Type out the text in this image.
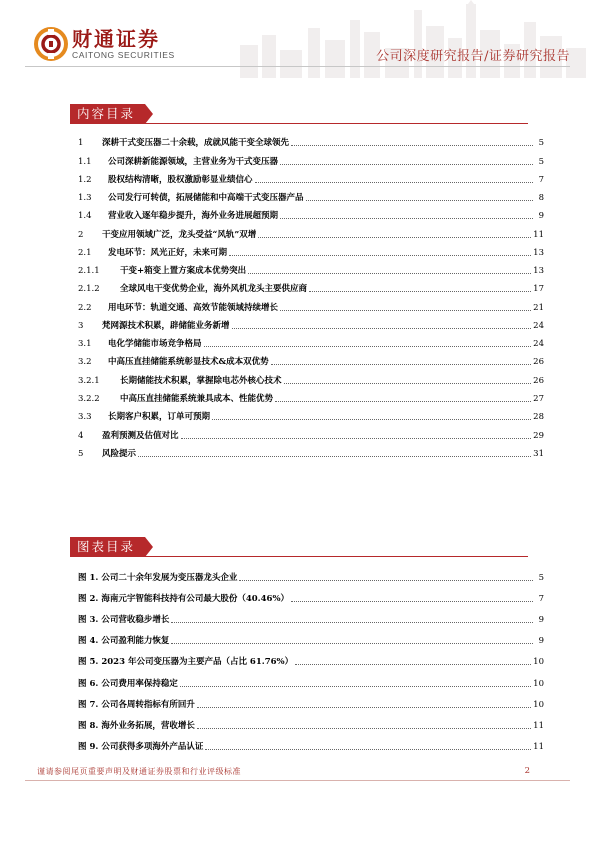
财通证券
CAITONG SECURITIES	公司深度研究报告/证券研究报告
内容目录
1	深耕干式变压器二十余载，成就风能干变全球领先	5
1.1	公司深耕新能源领域，主营业务为干式变压器	5
1.2	股权结构清晰，股权激励彰显业绩信心	7
1.3	公司发行可转债，拓展储能和中高端干式变压器产品	8
1.4	营业收入逐年稳步提升，海外业务进展超预期	9
2	干变应用领域广泛，龙头受益“风轨”双增	11
2.1	发电环节：风光正好，未来可期	13
2.1.1	干变+箱变上置方案成本优势突出	13
2.1.2	全球风电干变优势企业，海外风机龙头主要供应商	17
2.2	用电环节：轨道交通、高效节能领域持续增长	21
3	梵网源技术积累，辟储能业务新增	24
3.1	电化学储能市场竞争格局	24
3.2	中高压直挂储能系统彰显技术&成本双优势	26
3.2.1	长期储能技术积累，掌握除电芯外核心技术	26
3.2.2	中高压直挂储能系统兼具成本、性能优势	27
3.3	长期客户积累，订单可预期	28
4	盈利预测及估值对比	29
5	风险提示	31
图表目录
图 1. 公司二十余年发展为变压器龙头企业	5
图 2. 海南元宇智能科技持有公司最大股份（40.46%）	7
图 3. 公司营收稳步增长	9
图 4. 公司盈利能力恢复	9
图 5. 2023 年公司变压器为主要产品（占比 61.76%）	10
图 6. 公司费用率保持稳定	10
图 7. 公司各周转指标有所回升	10
图 8. 海外业务拓展，营收增长	11
图 9. 公司获得多项海外产品认证	11
谨请参阅尾页重要声明及财通证券股票和行业评级标准	2
